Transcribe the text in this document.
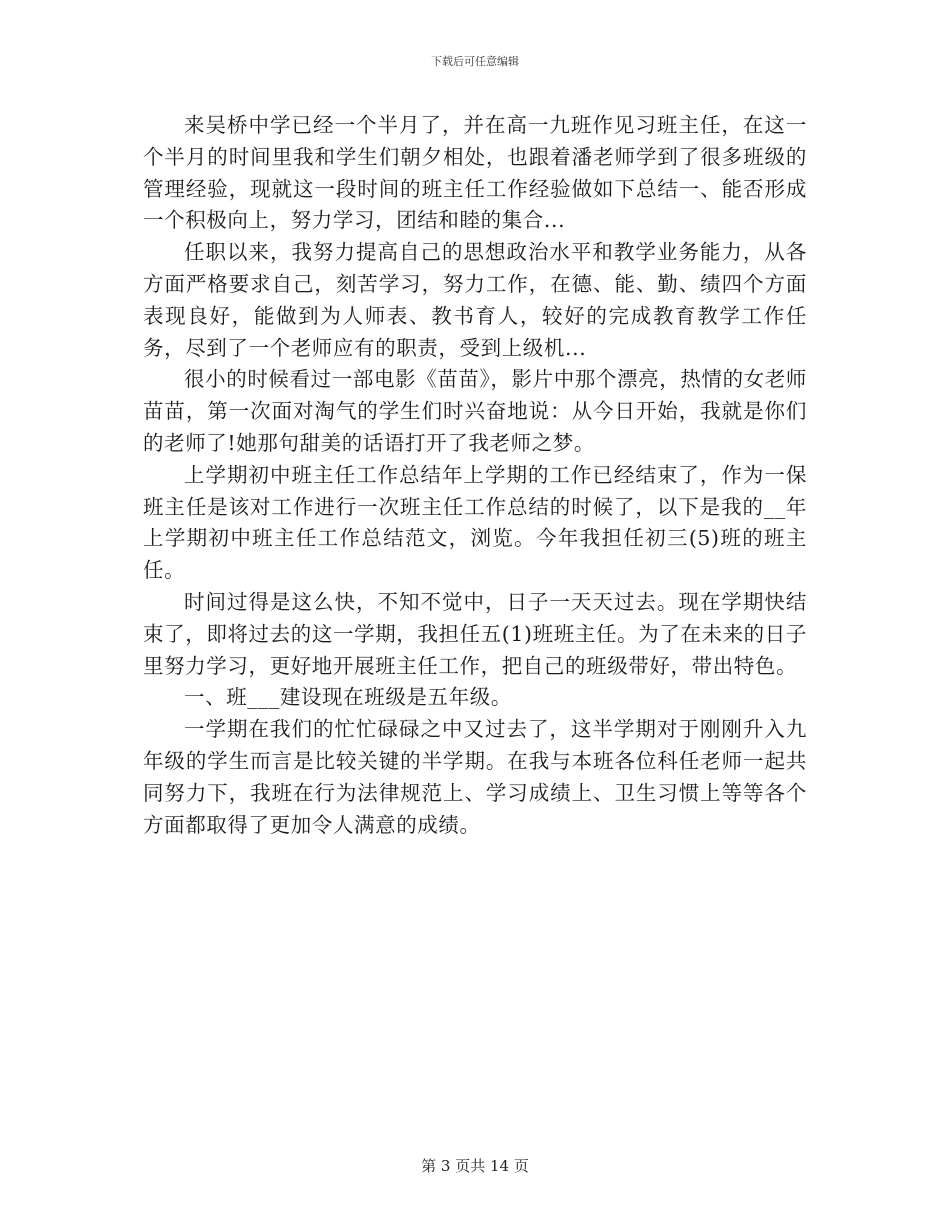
下载后可任意编辑

来吴桥中学已经一个半月了，并在高一九班作见习班主任，在这一个半月的时间里我和学生们朝夕相处，也跟着潘老师学到了很多班级的管理经验，现就这一段时间的班主任工作经验做如下总结一、能否形成一个积极向上，努力学习，团结和睦的集合...

任职以来，我努力提高自己的思想政治水平和教学业务能力，从各方面严格要求自己，刻苦学习，努力工作，在德、能、勤、绩四个方面表现良好，能做到为人师表、教书育人，较好的完成教育教学工作任务，尽到了一个老师应有的职责，受到上级机...

很小的时候看过一部电影《苗苗》，影片中那个漂亮，热情的女老师苗苗，第一次面对淘气的学生们时兴奋地说：从今日开始，我就是你们的老师了!她那句甜美的话语打开了我老师之梦。

上学期初中班主任工作总结年上学期的工作已经结束了，作为一保班主任是该对工作进行一次班主任工作总结的时候了，以下是我的__年上学期初中班主任工作总结范文，浏览。今年我担任初三(5)班的班主任。

时间过得是这么快，不知不觉中，日子一天天过去。现在学期快结束了，即将过去的这一学期，我担任五(1)班班主任。为了在未来的日子里努力学习，更好地开展班主任工作，把自己的班级带好，带出特色。

一、班___建设现在班级是五年级。

一学期在我们的忙忙碌碌之中又过去了，这半学期对于刚刚升入九年级的学生而言是比较关键的半学期。在我与本班各位科任老师一起共同努力下，我班在行为法律规范上、学习成绩上、卫生习惯上等等各个方面都取得了更加令人满意的成绩。

第 3 页共 14 页
